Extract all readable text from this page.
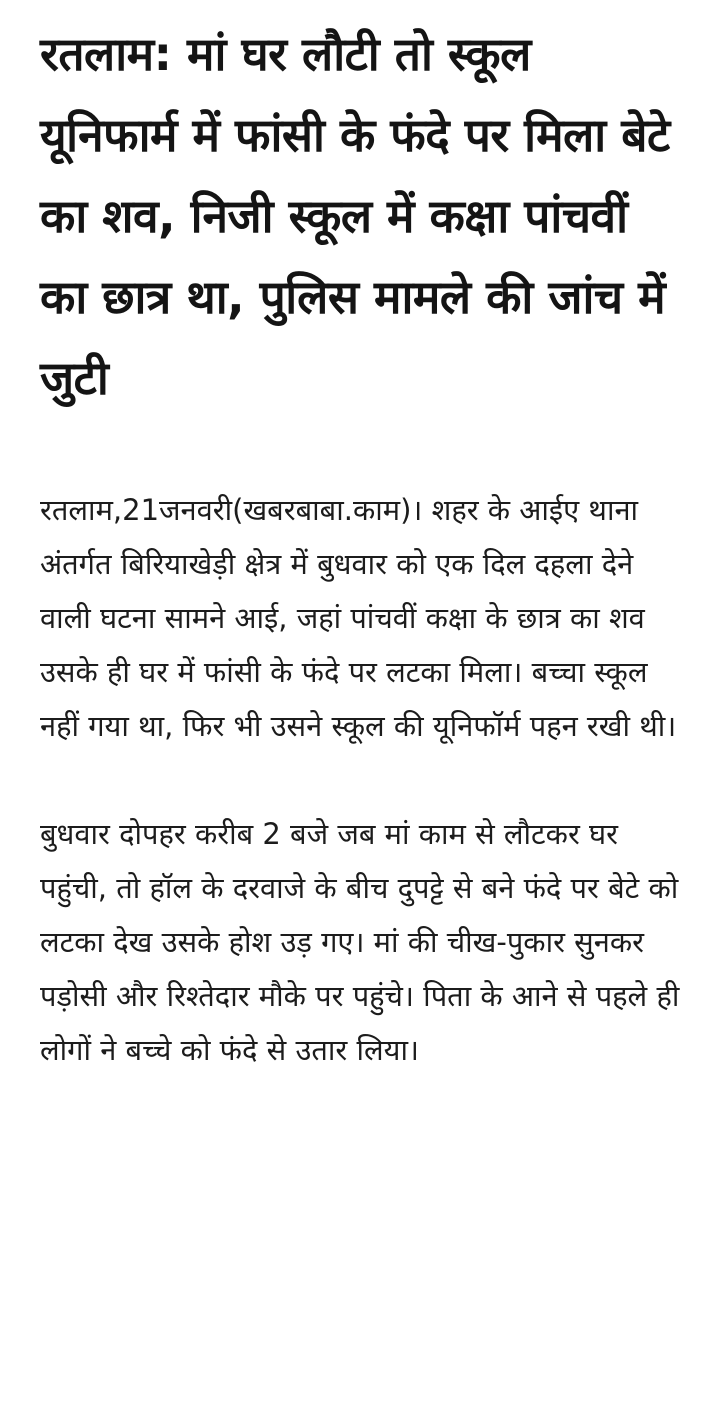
रतलाम: मां घर लौटी तो स्कूल यूनिफार्म में फांसी के फंदे पर मिला बेटे का शव, निजी स्कूल में कक्षा पांचवीं का छात्र था, पुलिस मामले की जांच में जुटी

रतलाम,21जनवरी(खबरबाबा.काम)। शहर के आईए थाना अंतर्गत बिरियाखेड़ी क्षेत्र में बुधवार को एक दिल दहला देने वाली घटना सामने आई, जहां पांचवीं कक्षा के छात्र का शव उसके ही घर में फांसी के फंदे पर लटका मिला। बच्चा स्कूल नहीं गया था, फिर भी उसने स्कूल की यूनिफॉर्म पहन रखी थी।

बुधवार दोपहर करीब 2 बजे जब मां काम से लौटकर घर पहुंची, तो हॉल के दरवाजे के बीच दुपट्टे से बने फंदे पर बेटे को लटका देख उसके होश उड़ गए। मां की चीख-पुकार सुनकर पड़ोसी और रिश्तेदार मौके पर पहुंचे। पिता के आने से पहले ही लोगों ने बच्चे को फंदे से उतार लिया।
